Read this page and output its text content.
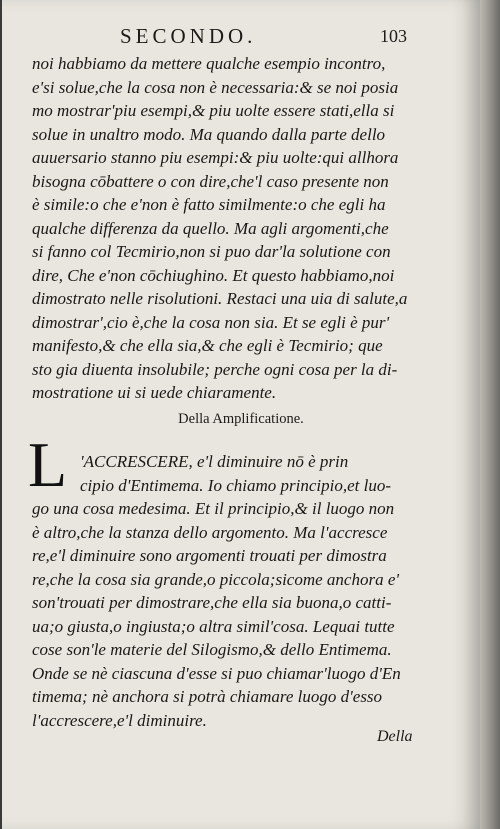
SECONDO.	103
noi habbiamo da mettere qualche esempio incontro,
e'si solue,che la cosa non è necessaria:& se noi posia
mo mostrar'piu esempi,& piu uolte essere stati,ella si
solue in unaltro modo. Ma quando dalla parte dello
auuersario stanno piu esempi:& piu uolte:qui allhora
bisogna cōbattere o con dire,che'l caso presente non
è simile:o che e'non è fatto similmente:o che egli ha
qualche differenza da quello. Ma agli argomenti,che
si fanno col Tecmirio,non si puo dar'la solutione con
dire, Che e'non cōchiughino. Et questo habbiamo,noi
dimostrato nelle risolutioni. Restaci una uia di salute,a
dimostrar',cio è,che la cosa non sia. Et se egli è pur'
manifesto,& che ella sia,& che egli è Tecmirio; que
sto gia diuenta insolubile; perche ogni cosa per la di-
mostratione ui si uede chiaramente.
Della Amplificatione.
L 'ACCRESCERE, e'l diminuire nō è prin
cipio d'Entimema. Io chiamo principio,et luo-
go una cosa medesima. Et il principio,& il luogo non
è altro,che la stanza dello argomento. Ma l'accresce
re,e'l diminuire sono argomenti trouati per dimostra
re,che la cosa sia grande,o piccola;sicome anchora e'
son'trouati per dimostrare,che ella sia buona,o catti-
ua;o giusta,o ingiusta;o altra simil'cosa. Lequai tutte
cose son'le materie del Silogismo,& dello Entimema.
Onde se nè ciascuna d'esse si puo chiamar'luogo d'En
timema; nè anchora si potrà chiamare luogo d'esso
l'accrescere,e'l diminuire.
Della
